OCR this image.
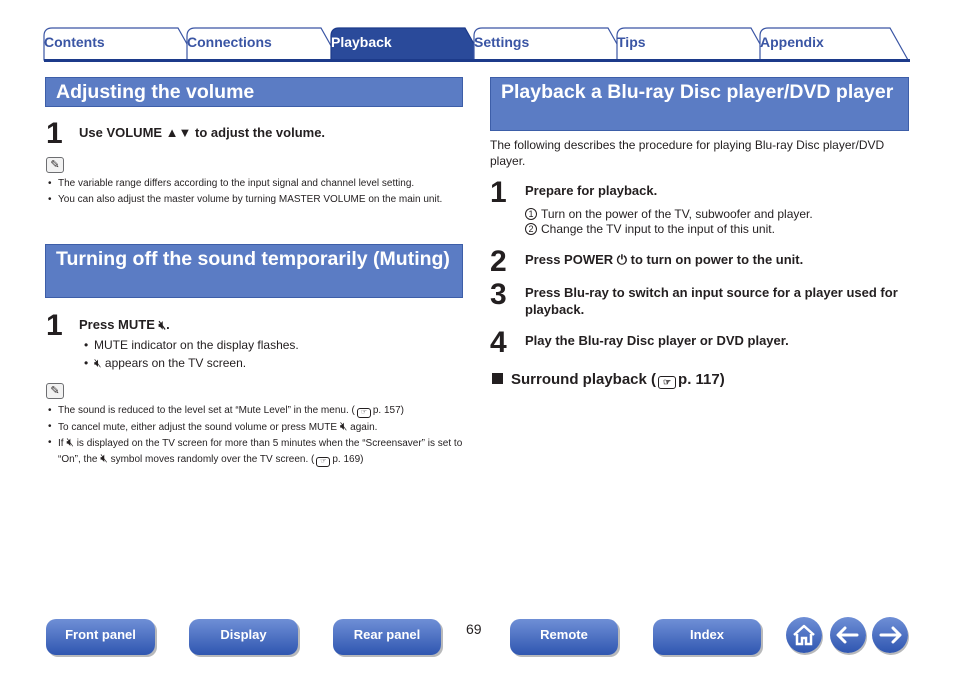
Adjusting the volume
1 Use VOLUME ▲▼ to adjust the volume.
✎
• The variable range differs according to the input signal and channel level setting.
• You can also adjust the master volume by turning MASTER VOLUME on the main unit.
Turning off the sound temporarily (Muting)
1 Press MUTE 🔇︎.
• MUTE indicator on the display flashes.
• 🔇︎ appears on the TV screen.
✎
• The sound is reduced to the level set at “Mute Level” in the menu. ( ☞ p. 157)
• To cancel mute, either adjust the sound volume or press MUTE 🔇︎ again.
• If 🔇︎ is displayed on the TV screen for more than 5 minutes when the “Screensaver” is set to “On”, the 🔇︎ symbol moves randomly over the TV screen. ( ☞ p. 169)
Playback a Blu-ray Disc player/DVD player
The following describes the procedure for playing Blu-ray Disc player/DVD player.
1 Prepare for playback.
1 Turn on the power of the TV, subwoofer and player.
2 Change the TV input to the input of this unit.
2 Press POWER ⏻ to turn on power to the unit.
3 Press Blu-ray to switch an input source for a player used for playback.
4 Play the Blu-ray Disc player or DVD player.
Surround playback ( ☞ p. 117)
Front panel	Display	Rear panel	69	Remote	Index
